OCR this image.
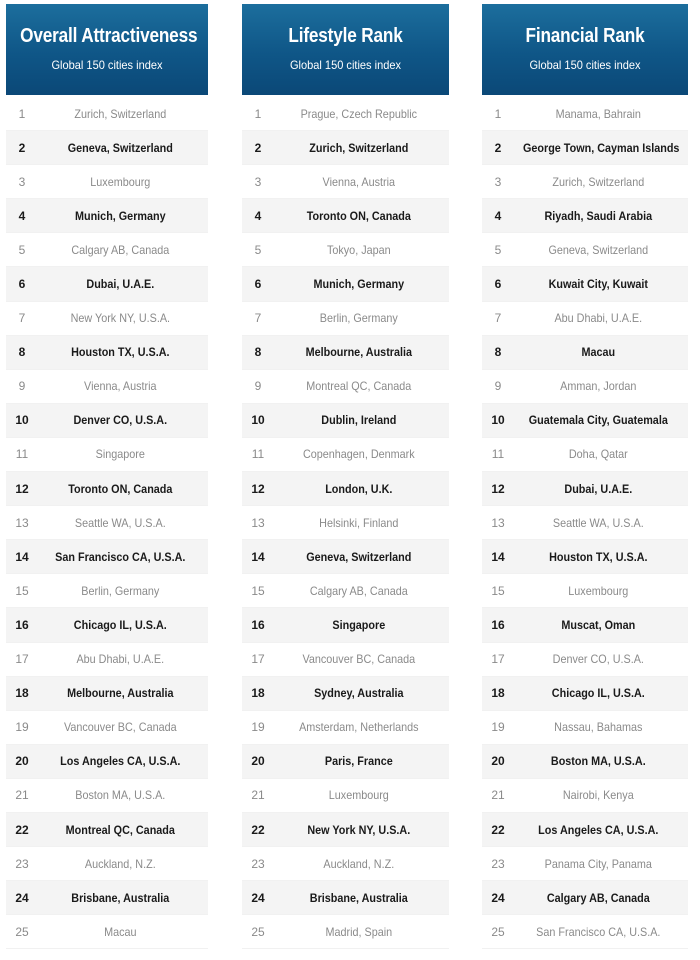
Overall Attractiveness
Global 150 cities index
1	Zurich, Switzerland
2	Geneva, Switzerland
3	Luxembourg
4	Munich, Germany
5	Calgary AB, Canada
6	Dubai, U.A.E.
7	New York NY, U.S.A.
8	Houston TX, U.S.A.
9	Vienna, Austria
10	Denver CO, U.S.A.
11	Singapore
12	Toronto ON, Canada
13	Seattle WA, U.S.A.
14	San Francisco CA, U.S.A.
15	Berlin, Germany
16	Chicago IL, U.S.A.
17	Abu Dhabi, U.A.E.
18	Melbourne, Australia
19	Vancouver BC, Canada
20	Los Angeles CA, U.S.A.
21	Boston MA, U.S.A.
22	Montreal QC, Canada
23	Auckland, N.Z.
24	Brisbane, Australia
25	Macau
Lifestyle Rank
Global 150 cities index
1	Prague, Czech Republic
2	Zurich, Switzerland
3	Vienna, Austria
4	Toronto ON, Canada
5	Tokyo, Japan
6	Munich, Germany
7	Berlin, Germany
8	Melbourne, Australia
9	Montreal QC, Canada
10	Dublin, Ireland
11	Copenhagen, Denmark
12	London, U.K.
13	Helsinki, Finland
14	Geneva, Switzerland
15	Calgary AB, Canada
16	Singapore
17	Vancouver BC, Canada
18	Sydney, Australia
19	Amsterdam, Netherlands
20	Paris, France
21	Luxembourg
22	New York NY, U.S.A.
23	Auckland, N.Z.
24	Brisbane, Australia
25	Madrid, Spain
Financial Rank
Global 150 cities index
1	Manama, Bahrain
2	George Town, Cayman Islands
3	Zurich, Switzerland
4	Riyadh, Saudi Arabia
5	Geneva, Switzerland
6	Kuwait City, Kuwait
7	Abu Dhabi, U.A.E.
8	Macau
9	Amman, Jordan
10	Guatemala City, Guatemala
11	Doha, Qatar
12	Dubai, U.A.E.
13	Seattle WA, U.S.A.
14	Houston TX, U.S.A.
15	Luxembourg
16	Muscat, Oman
17	Denver CO, U.S.A.
18	Chicago IL, U.S.A.
19	Nassau, Bahamas
20	Boston MA, U.S.A.
21	Nairobi, Kenya
22	Los Angeles CA, U.S.A.
23	Panama City, Panama
24	Calgary AB, Canada
25	San Francisco CA, U.S.A.
